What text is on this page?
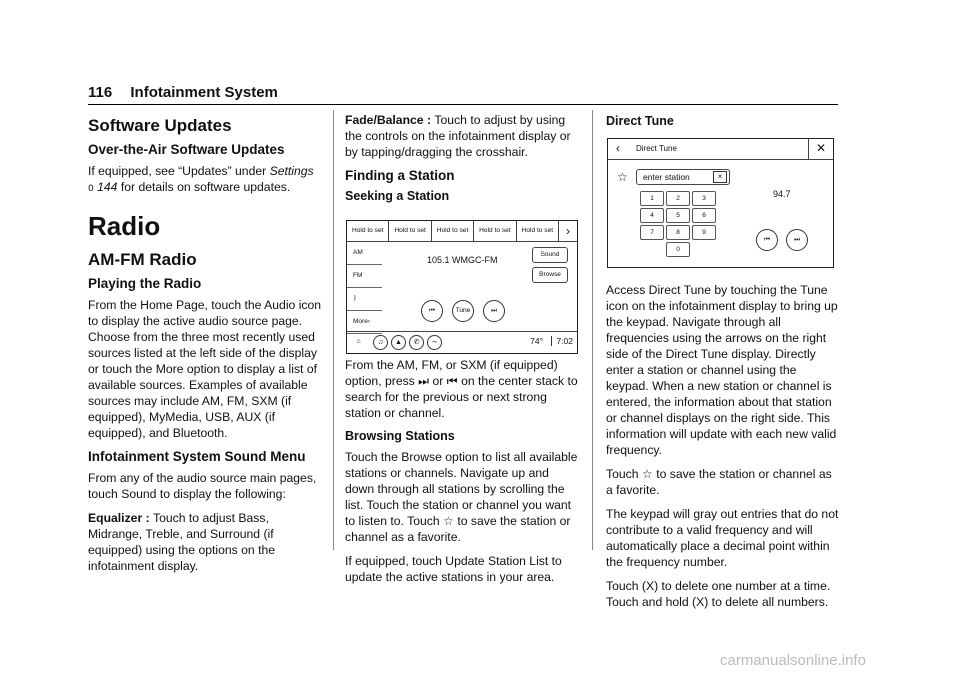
116 Infotainment System
Software Updates
Over-the-Air Software Updates

If equipped, see “Updates” under Settings
0 144 for details on software updates.

Radio
AM-FM Radio
Playing the Radio

From the Home Page, touch the Audio icon to display the active audio source page. Choose from the three most recently used sources listed at the left side of the display or touch the More option to display a list of available sources. Examples of available sources may include AM, FM, SXM (if equipped), MyMedia, USB, AUX (if equipped), and Bluetooth.

Infotainment System Sound Menu

From any of the audio source main pages, touch Sound to display the following:

Equalizer : Touch to adjust Bass, Midrange, Treble, and Surround (if equipped) using the options on the infotainment display.

Fade/Balance : Touch to adjust by using the controls on the infotainment display or by tapping/dragging the crosshair.

Finding a Station
Seeking a Station

From the AM, FM, or SXM (if equipped) option, press ⏭ or ⏮ on the center stack to search for the previous or next strong station or channel.

Browsing Stations

Touch the Browse option to list all available stations or channels. Navigate up and down through all stations by scrolling the list. Touch the station or channel you want to listen to. Touch ☆ to save the station or channel as a favorite.

If equipped, touch Update Station List to update the active stations in your area.

Hold to set	Hold to set	Hold to set	Hold to set	Hold to set	›
AM
FM
ᛒ
More›
105.1 WMGC-FM
Sound
Browse
⏮	Tune	⏭
⌂	♫	▲	✆	∼	74°	7:02
Direct Tune

Access Direct Tune by touching the Tune icon on the infotainment display to bring up the keypad. Navigate through all frequencies using the arrows on the right side of the Direct Tune display. Directly enter a station or channel using the keypad. When a new station or channel is entered, the information about that station or channel displays on the right side. This information will update with each new valid frequency.

Touch ☆ to save the station or channel as a favorite.

The keypad will gray out entries that do not contribute to a valid frequency and will automatically place a decimal point within the frequency number.

Touch (X) to delete one number at a time. Touch and hold (X) to delete all numbers.

‹ Direct Tune	✕
☆	enter station	×
1	2	3
4	5	6
7	8	9
0
94.7
⏮	⏭
carmanualsonline.info
